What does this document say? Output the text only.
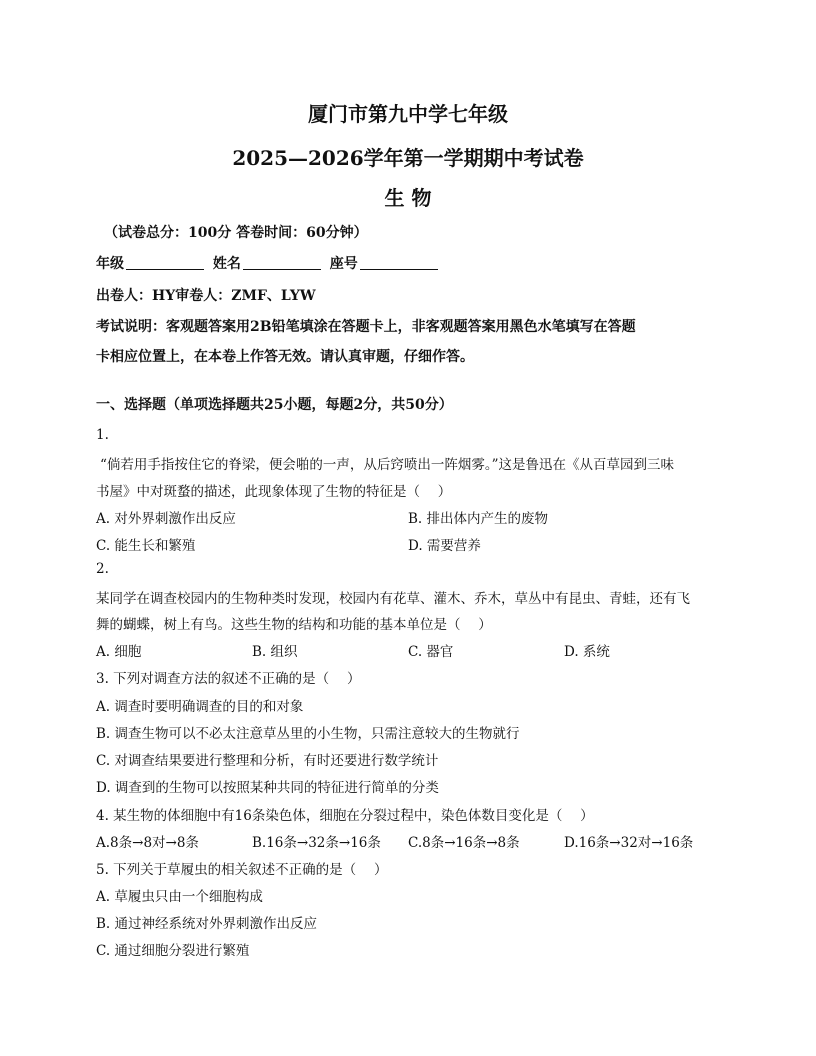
厦门市第九中学七年级
2025—2026学年第一学期期中考试卷
生 物
（试卷总分：100分 答卷时间：60分钟）
年级	姓名	座号
出卷人：HY审卷人：ZMF、LYW
考试说明：客观题答案用2B铅笔填涂在答题卡上，非客观题答案用黑色水笔填写在答题
卡相应位置上，在本卷上作答无效。请认真审题，仔细作答。
一、选择题（单项选择题共25小题，每题2分，共50分）
1.
“倘若用手指按住它的脊梁，便会啪的一声，从后窍喷出一阵烟雾。”这是鲁迅在《从百草园到三味
书屋》中对斑蝥的描述，此现象体现了生物的特征是（　 ）
A. 对外界刺激作出反应	B. 排出体内产生的废物
C. 能生长和繁殖	D. 需要营养
2.
某同学在调查校园内的生物种类时发现，校园内有花草、灌木、乔木，草丛中有昆虫、青蛙，还有飞
舞的蝴蝶，树上有鸟。这些生物的结构和功能的基本单位是（　 ）
A. 细胞	B. 组织	C. 器官	D. 系统
3. 下列对调查方法的叙述不正确的是（　 ）
A. 调查时要明确调查的目的和对象
B. 调查生物可以不必太注意草丛里的小生物，只需注意较大的生物就行
C. 对调查结果要进行整理和分析，有时还要进行数学统计
D. 调查到的生物可以按照某种共同的特征进行简单的分类
4. 某生物的体细胞中有16条染色体，细胞在分裂过程中，染色体数目变化是（　 ）
A.8条→8对→8条	B.16条→32条→16条 C.8条→16条→8条	D.16条→32对→16条
5. 下列关于草履虫的相关叙述不正确的是（　 ）
A. 草履虫只由一个细胞构成
B. 通过神经系统对外界刺激作出反应
C. 通过细胞分裂进行繁殖
